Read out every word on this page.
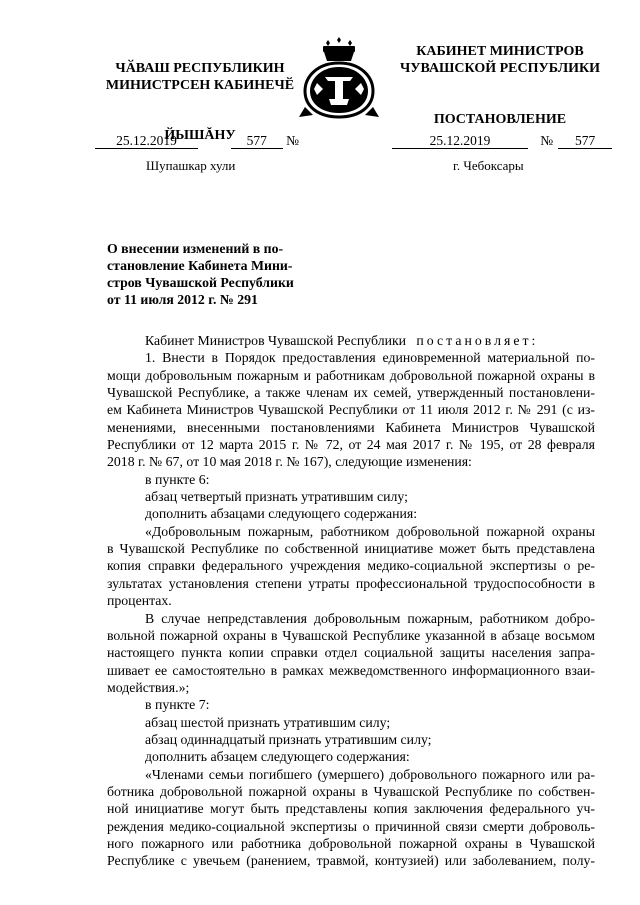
ЧӐВАШ РЕСПУБЛИКИН
МИНИСТРСЕН КАБИНЕЧӖ
ЙЫШĂНУ
КАБИНЕТ МИНИСТРОВ
ЧУВАШСКОЙ РЕСПУБЛИКИ
ПОСТАНОВЛЕНИЕ
25.12.2019	577 №	25.12.2019	№ 577
Шупашкар хули	г. Чебоксары
О внесении изменений в по-
становление Кабинета Мини-
стров Чувашской Республики
от 11 июля 2012 г. № 291
Кабинет Министров Чувашской Республики постановляет:
1. Внести в Порядок предоставления единовременной материальной по-
мощи добровольным пожарным и работникам добровольной пожарной охраны в
Чувашской Республике, а также членам их семей, утвержденный постановлени-
ем Кабинета Министров Чувашской Республики от 11 июля 2012 г. № 291 (с из-
менениями, внесенными постановлениями Кабинета Министров Чувашской
Республики от 12 марта 2015 г. № 72, от 24 мая 2017 г. № 195, от 28 февраля
2018 г. № 67, от 10 мая 2018 г. № 167), следующие изменения:
в пункте 6:
абзац четвертый признать утратившим силу;
дополнить абзацами следующего содержания:
«Добровольным пожарным, работником добровольной пожарной охраны
в Чувашской Республике по собственной инициативе может быть представлена
копия справки федерального учреждения медико-социальной экспертизы о ре-
зультатах установления степени утраты профессиональной трудоспособности в
процентах.
В случае непредставления добровольным пожарным, работником добро-
вольной пожарной охраны в Чувашской Республике указанной в абзаце восьмом
настоящего пункта копии справки отдел социальной защиты населения запра-
шивает ее самостоятельно в рамках межведомственного информационного взаи-
модействия.»;
в пункте 7:
абзац шестой признать утратившим силу;
абзац одиннадцатый признать утратившим силу;
дополнить абзацем следующего содержания:
«Членами семьи погибшего (умершего) добровольного пожарного или ра-
ботника добровольной пожарной охраны в Чувашской Республике по собствен-
ной инициативе могут быть представлены копия заключения федерального уч-
реждения медико-социальной экспертизы о причинной связи смерти доброволь-
ного пожарного или работника добровольной пожарной охраны в Чувашской
Республике с увечьем (ранением, травмой, контузией) или заболеванием, полу-
